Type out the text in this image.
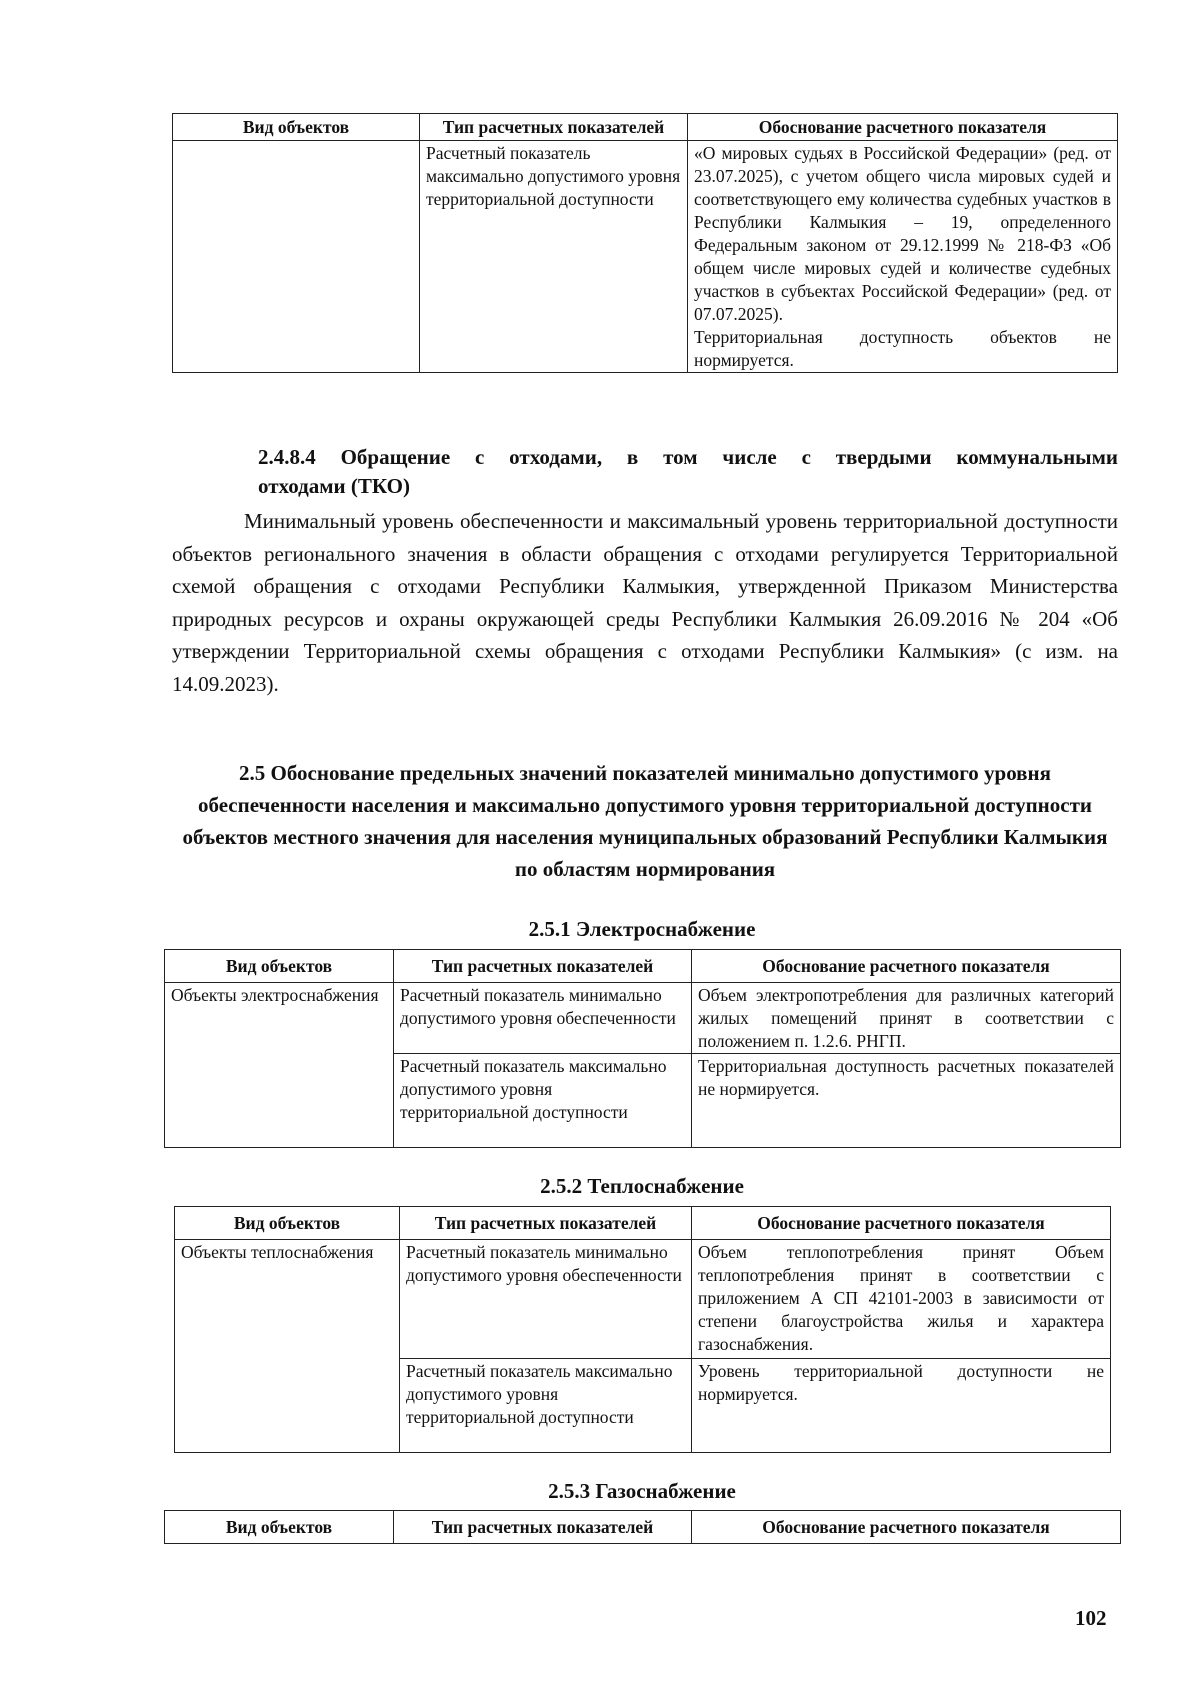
Вид объектов	Тип расчетных показателей	Обоснование расчетного показателя
	Расчетный показатель максимально допустимого уровня территориальной доступности	«О мировых судьях в Российской Федерации» (ред. от 23.07.2025), с учетом общего числа мировых судей и соответствующего ему количества судебных участков в Республики Калмыкия – 19, определенного Федеральным законом от 29.12.1999 № 218-ФЗ «Об общем числе мировых судей и количестве судебных участков в субъектах Российской Федерации» (ред. от 07.07.2025).
Территориальная доступность объектов не нормируется.
2.4.8.4 Обращение с отходами, в том числе с твердыми коммунальными
отходами (ТКО)
Минимальный уровень обеспеченности и максимальный уровень территориальной доступности объектов регионального значения в области обращения с отходами регулируется Территориальной схемой обращения с отходами Республики Калмыкия, утвержденной Приказом Министерства природных ресурсов и охраны окружающей среды Республики Калмыкия 26.09.2016 № 204 «Об утверждении Территориальной схемы обращения с отходами Республики Калмыкия» (с изм. на 14.09.2023).
2.5 Обоснование предельных значений показателей минимально допустимого уровня обеспеченности населения и максимально допустимого уровня территориальной доступности объектов местного значения для населения муниципальных образований Республики Калмыкия по областям нормирования
2.5.1 Электроснабжение
Вид объектов	Тип расчетных показателей	Обоснование расчетного показателя
Объекты электроснабжения	Расчетный показатель минимально допустимого уровня обеспеченности	Объем электропотребления для различных категорий жилых помещений принят в соответствии с положением п. 1.2.6. РНГП.
	Расчетный показатель максимально допустимого уровня территориальной доступности	Территориальная доступность расчетных показателей не нормируется.
2.5.2 Теплоснабжение
Вид объектов	Тип расчетных показателей	Обоснование расчетного показателя
Объекты теплоснабжения	Расчетный показатель минимально допустимого уровня обеспеченности	Объем теплопотребления принят Объем теплопотребления принят в соответствии с приложением А СП 42101-2003 в зависимости от степени благоустройства жилья и характера газоснабжения.
	Расчетный показатель максимально допустимого уровня территориальной доступности	Уровень территориальной доступности не нормируется.
2.5.3 Газоснабжение
Вид объектов	Тип расчетных показателей	Обоснование расчетного показателя
102
